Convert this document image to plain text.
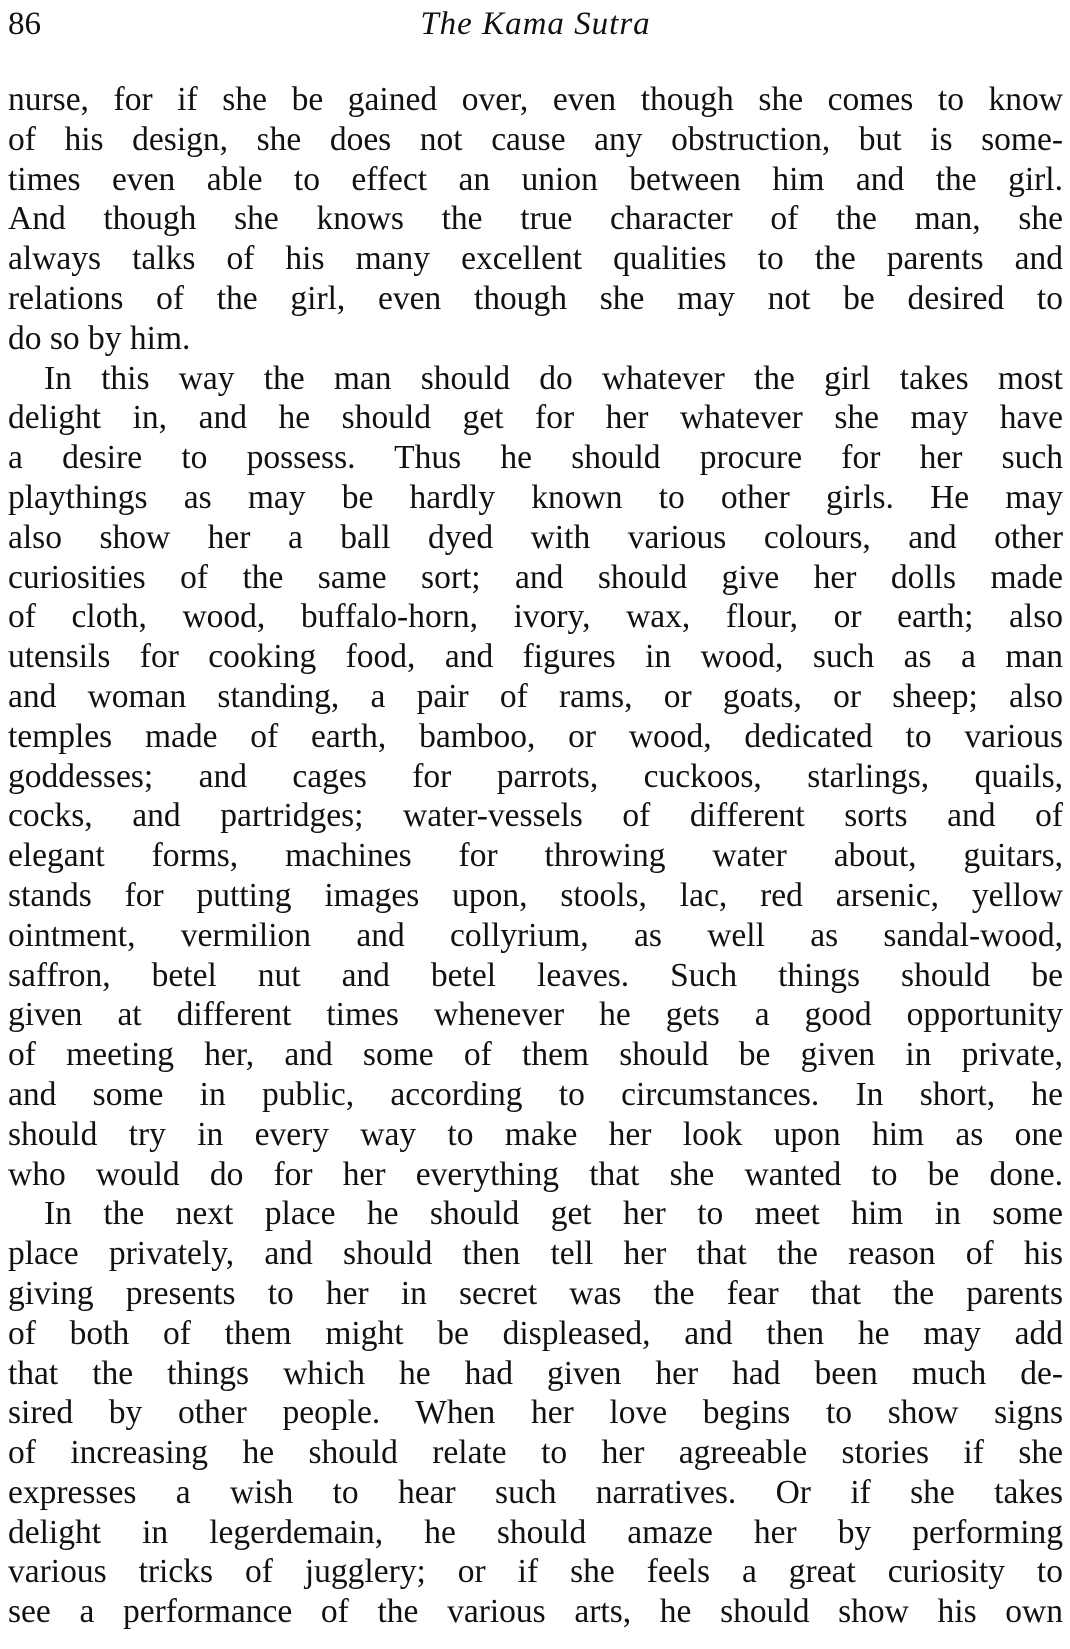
86	The Kama Sutra
nurse, for if she be gained over, even though she comes to know
of his design, she does not cause any obstruction, but is some-
times even able to effect an union between him and the girl.
And though she knows the true character of the man, she
always talks of his many excellent qualities to the parents and
relations of the girl, even though she may not be desired to
do so by him.
In this way the man should do whatever the girl takes most
delight in, and he should get for her whatever she may have
a desire to possess. Thus he should procure for her such
playthings as may be hardly known to other girls. He may
also show her a ball dyed with various colours, and other
curiosities of the same sort; and should give her dolls made
of cloth, wood, buffalo-horn, ivory, wax, flour, or earth; also
utensils for cooking food, and figures in wood, such as a man
and woman standing, a pair of rams, or goats, or sheep; also
temples made of earth, bamboo, or wood, dedicated to various
goddesses; and cages for parrots, cuckoos, starlings, quails,
cocks, and partridges; water-vessels of different sorts and of
elegant forms, machines for throwing water about, guitars,
stands for putting images upon, stools, lac, red arsenic, yellow
ointment, vermilion and collyrium, as well as sandal-wood,
saffron, betel nut and betel leaves. Such things should be
given at different times whenever he gets a good opportunity
of meeting her, and some of them should be given in private,
and some in public, according to circumstances. In short, he
should try in every way to make her look upon him as one
who would do for her everything that she wanted to be done.
In the next place he should get her to meet him in some
place privately, and should then tell her that the reason of his
giving presents to her in secret was the fear that the parents
of both of them might be displeased, and then he may add
that the things which he had given her had been much de-
sired by other people. When her love begins to show signs
of increasing he should relate to her agreeable stories if she
expresses a wish to hear such narratives. Or if she takes
delight in legerdemain, he should amaze her by performing
various tricks of jugglery; or if she feels a great curiosity to
see a performance of the various arts, he should show his own
